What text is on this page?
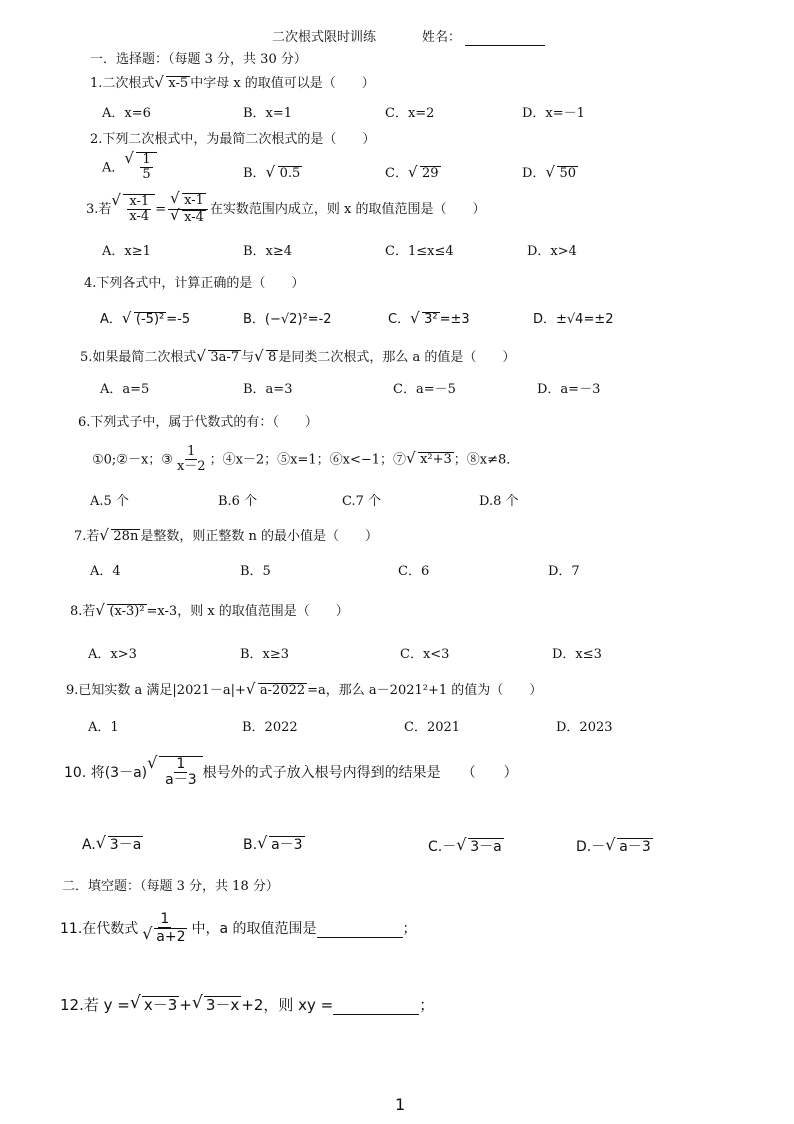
二次根式限时训练	姓名：
一．选择题：（每题 3 分，共 30 分）
1.二次根式 √ x-5 中字母 x 的取值可以是（　　）
A．x=6	B．x=1	C．x=2	D．x=－1
2.下列二次根式中，为最简二次根式的是（　　）
A． √ $\frac{1}{5}$	B． √ 0.5	C． √ 29	D． √ 50
3.若 √ $\frac{x-1}{x-4}$ = √ x-1
√ x-4 在实数范围内成立，则 x 的取值范围是（　　）
A．x≥1	B．x≥4	C．1≤x≤4	D．x>4
4.下列各式中，计算正确的是（　　）
A． √ (-5)² =-5	B．(−√2)²=-2	C． √ 3² =±3	D．±√4=±2
5.如果最简二次根式 √ 3a-7 与 √ 8 是同类二次根式，那么 a 的值是（　　）
A．a=5	B．a=3	C．a=－5	D．a=－3
6.下列式子中，属于代数式的有：（　　）
①0;②－x；③ $\frac{1}{x-2}$ ；④x－2；⑤x=1；⑥x<−1；⑦ √ x²+3 ；⑧x≠8．
A.5 个	B.6 个	C.7 个	D.8 个
7.若 √ 28n 是整数，则正整数 n 的最小值是（　　）
A．4	B．5	C．6	D．7
8.若 √ (x-3)² =x-3，则 x 的取值范围是（　　）
A．x>3	B．x≥3	C．x<3	D．x≤3
9.已知实数 a 满足|2021－a|+ √ a-2022 =a，那么 a－2021²+1 的值为（　　）
A．1	B．2022	C．2021	D．2023
10. 将(3－a) √ $\frac{1}{a-3}$ 根号外的式子放入根号内得到的结果是　　（　　）
A. √ 3－a	B. √ a－3	C.－ √ 3－a	D.－ √ a－3
二．填空题：（每题 3 分，共 18 分）
11.在代数式 1
√ a+2 中，a 的取值范围是	；
12.若 y = √ x－3 + √ 3－x +2，则 xy =	；
1
